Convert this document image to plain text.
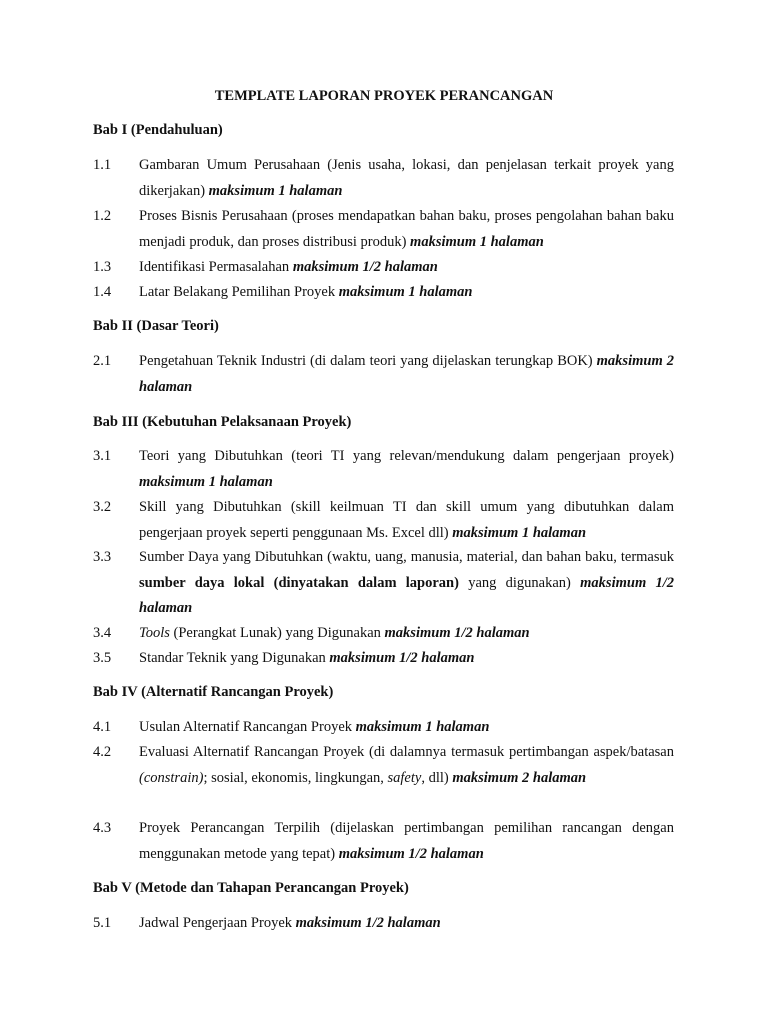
TEMPLATE LAPORAN PROYEK PERANCANGAN
Bab I (Pendahuluan)
1.1 Gambaran Umum Perusahaan (Jenis usaha, lokasi, dan penjelasan terkait proyek yang dikerjakan) maksimum 1 halaman
1.2 Proses Bisnis Perusahaan (proses mendapatkan bahan baku, proses pengolahan bahan baku menjadi produk, dan proses distribusi produk) maksimum 1 halaman
1.3 Identifikasi Permasalahan maksimum 1/2 halaman
1.4 Latar Belakang Pemilihan Proyek maksimum 1 halaman
Bab II (Dasar Teori)
2.1 Pengetahuan Teknik Industri (di dalam teori yang dijelaskan terungkap BOK) maksimum 2 halaman
Bab III (Kebutuhan Pelaksanaan Proyek)
3.1 Teori yang Dibutuhkan (teori TI yang relevan/mendukung dalam pengerjaan proyek) maksimum 1 halaman
3.2 Skill yang Dibutuhkan (skill keilmuan TI dan skill umum yang dibutuhkan dalam pengerjaan proyek seperti penggunaan Ms. Excel dll) maksimum 1 halaman
3.3 Sumber Daya yang Dibutuhkan (waktu, uang, manusia, material, dan bahan baku, termasuk sumber daya lokal (dinyatakan dalam laporan) yang digunakan) maksimum 1/2 halaman
3.4 Tools (Perangkat Lunak) yang Digunakan maksimum 1/2 halaman
3.5 Standar Teknik yang Digunakan maksimum 1/2 halaman
Bab IV (Alternatif Rancangan Proyek)
4.1 Usulan Alternatif Rancangan Proyek maksimum 1 halaman
4.2 Evaluasi Alternatif Rancangan Proyek (di dalamnya termasuk pertimbangan aspek/batasan (constrain); sosial, ekonomis, lingkungan, safety, dll) maksimum 2 halaman
4.3 Proyek Perancangan Terpilih (dijelaskan pertimbangan pemilihan rancangan dengan menggunakan metode yang tepat) maksimum 1/2 halaman
Bab V (Metode dan Tahapan Perancangan Proyek)
5.1 Jadwal Pengerjaan Proyek maksimum 1/2 halaman
